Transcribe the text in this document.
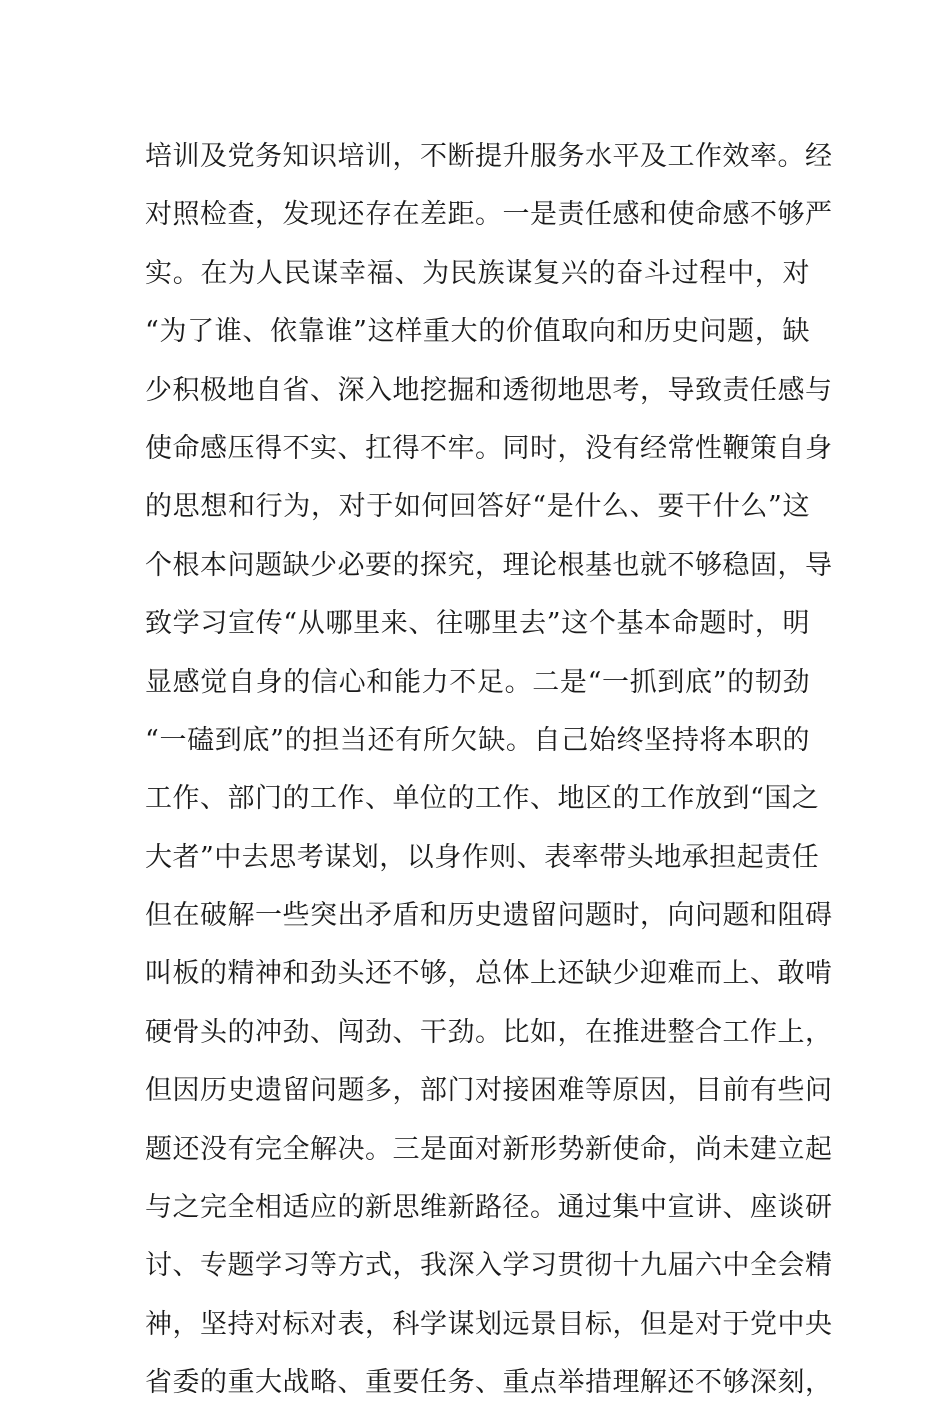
培训及党务知识培训，不断提升服务水平及工作效率。经
对照检查，发现还存在差距。一是责任感和使命感不够严
实。在为人民谋幸福、为民族谋复兴的奋斗过程中，对
“为了谁、依靠谁”这样重大的价值取向和历史问题，缺
少积极地自省、深入地挖掘和透彻地思考，导致责任感与
使命感压得不实、扛得不牢。同时，没有经常性鞭策自身
的思想和行为，对于如何回答好“是什么、要干什么”这
个根本问题缺少必要的探究，理论根基也就不够稳固，导
致学习宣传“从哪里来、往哪里去”这个基本命题时，明
显感觉自身的信心和能力不足。二是“一抓到底”的韧劲
“一磕到底”的担当还有所欠缺。自己始终坚持将本职的
工作、部门的工作、单位的工作、地区的工作放到“国之
大者”中去思考谋划，以身作则、表率带头地承担起责任
但在破解一些突出矛盾和历史遗留问题时，向问题和阻碍
叫板的精神和劲头还不够，总体上还缺少迎难而上、敢啃
硬骨头的冲劲、闯劲、干劲。比如，在推进整合工作上，
但因历史遗留问题多，部门对接困难等原因，目前有些问
题还没有完全解决。三是面对新形势新使命，尚未建立起
与之完全相适应的新思维新路径。通过集中宣讲、座谈研
讨、专题学习等方式，我深入学习贯彻十九届六中全会精
神，坚持对标对表，科学谋划远景目标，但是对于党中央
省委的重大战略、重要任务、重点举措理解还不够深刻，
